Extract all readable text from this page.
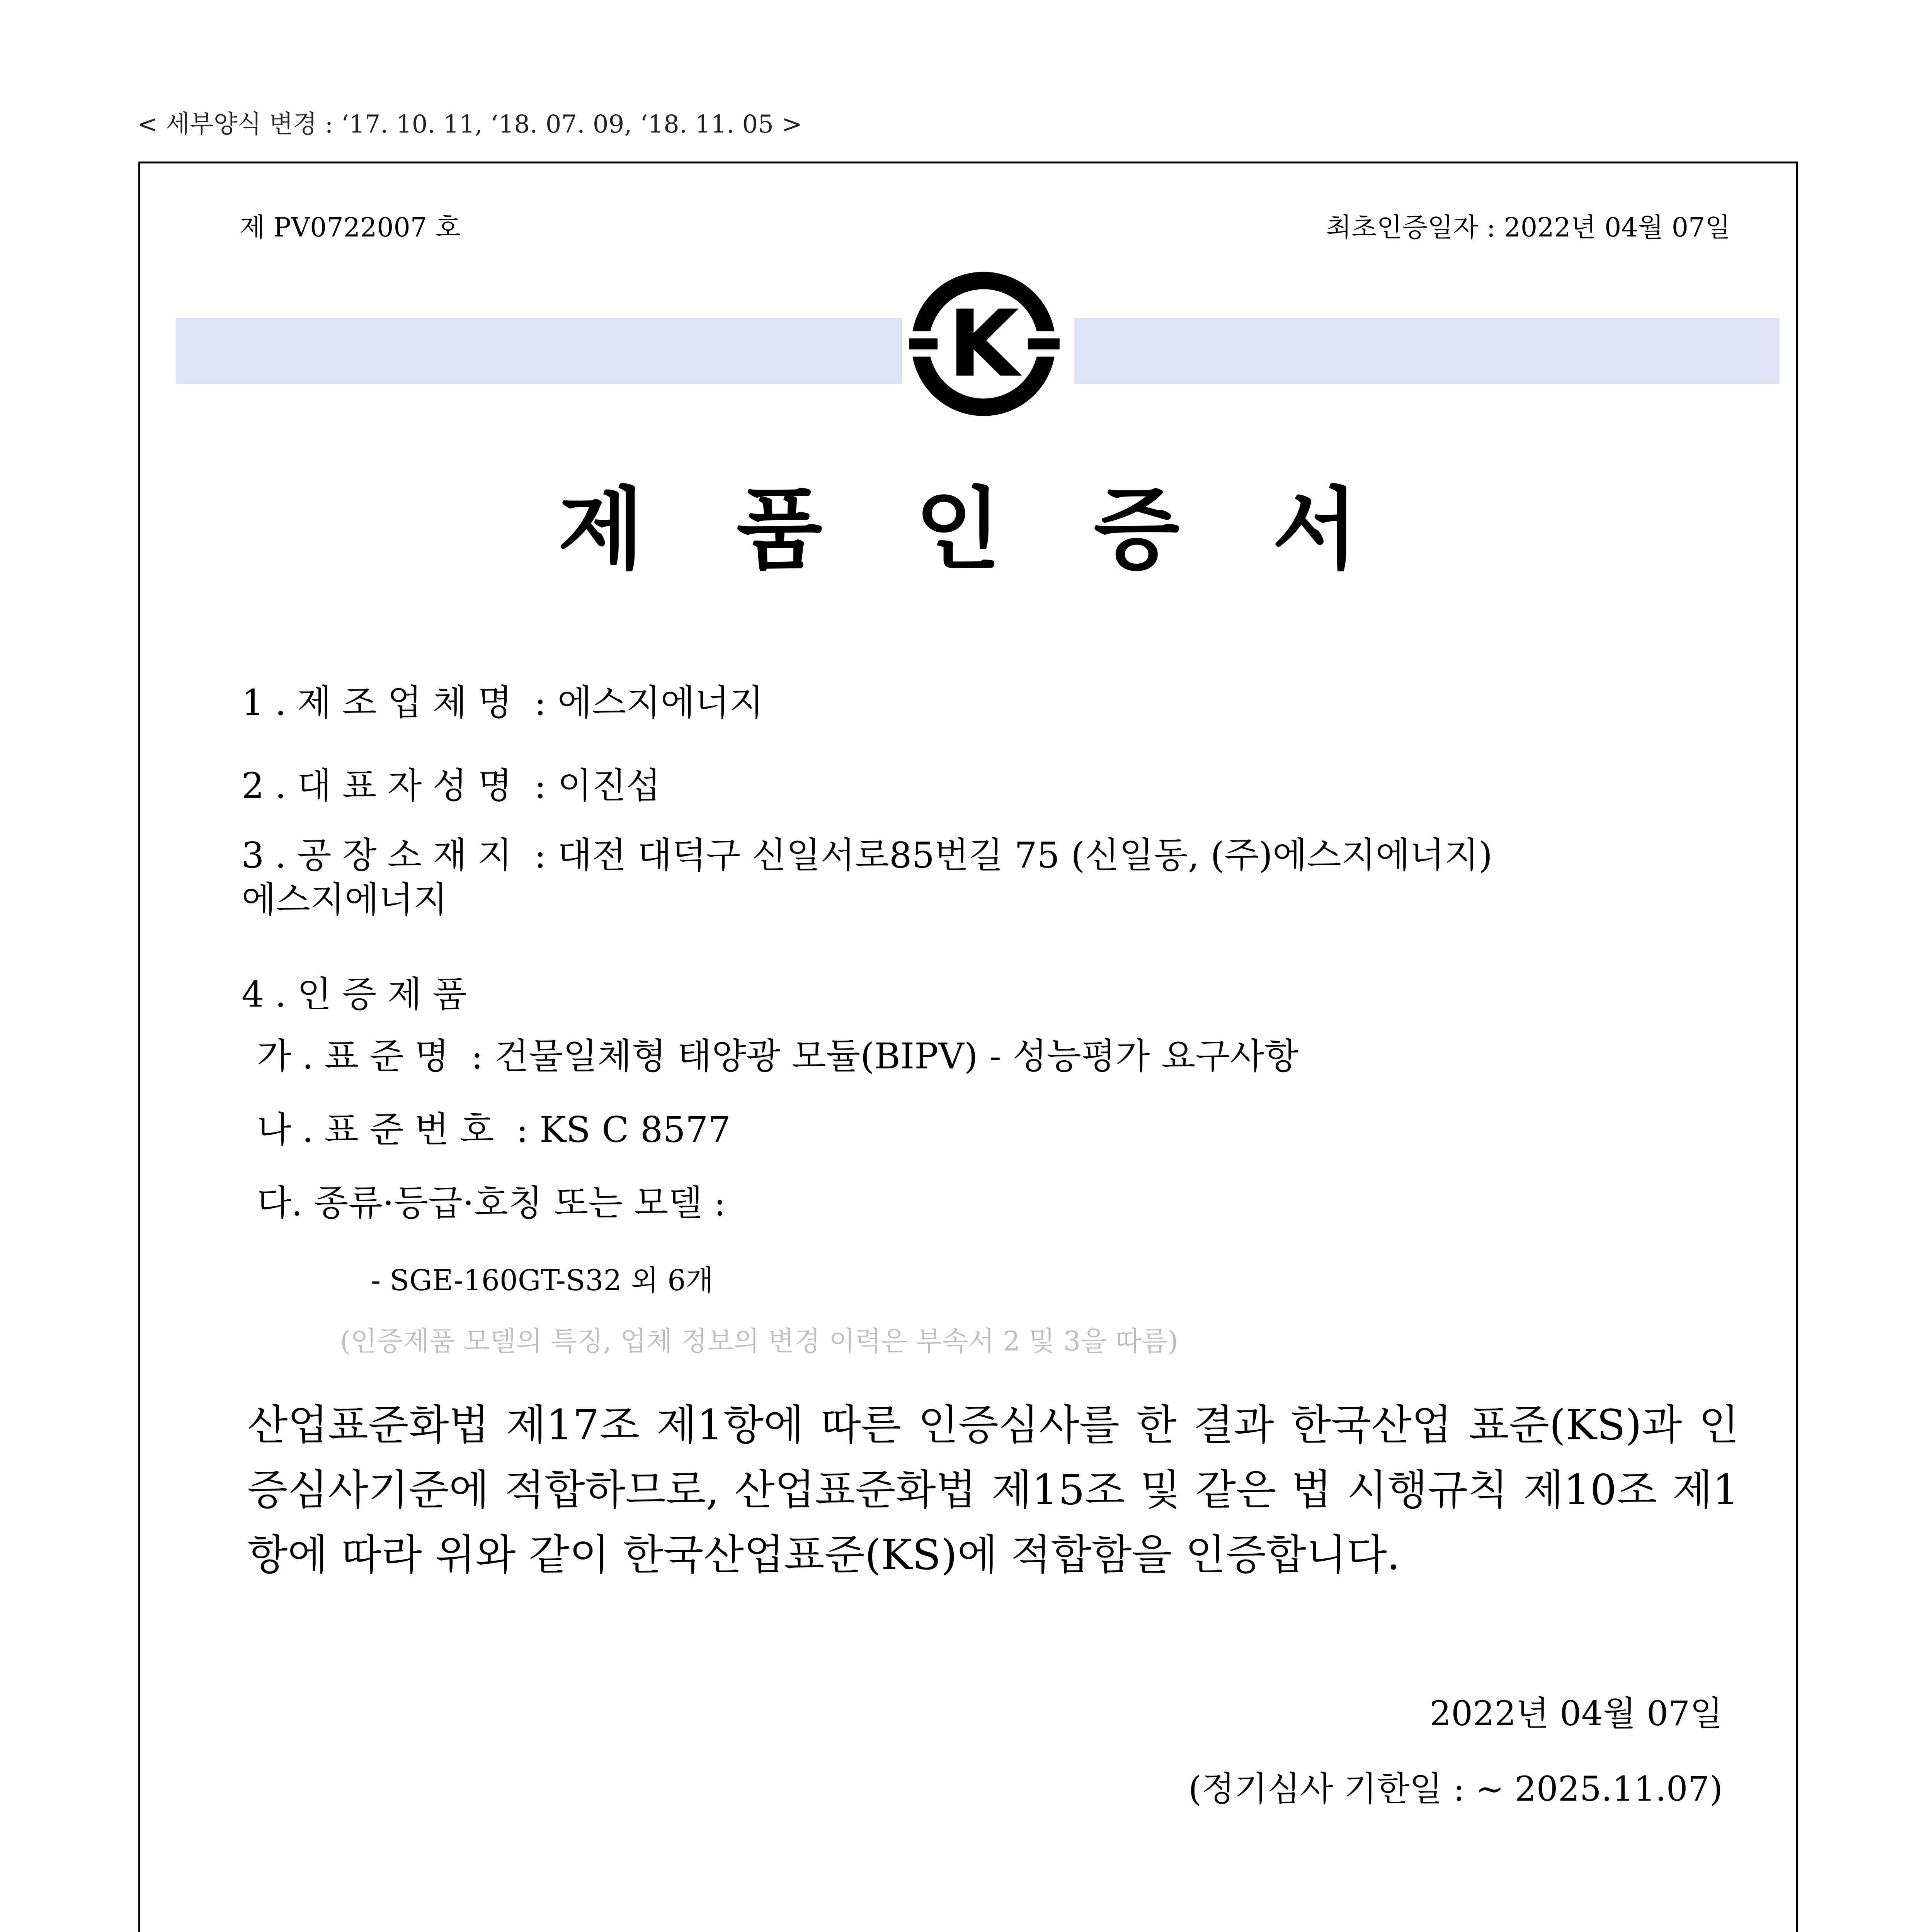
< 세부양식 변경 : ‘17. 10. 11, ‘18. 07. 09, ‘18. 11. 05 >
제 PV0722007 호	최초인증일자 : 2022년 04월 07일
K
제품인증서
1.제조업체명 : 에스지에너지
2.대표자성명 : 이진섭
3.공장소재지 : 대전 대덕구 신일서로85번길 75 (신일동, (주)에스지에너지)
에스지에너지
4.인증제품
가.표준명 : 건물일체형 태양광 모듈(BIPV) - 성능평가 요구사항
나.표준번호 : KS C 8577
다. 종류·등급·호칭 또는 모델 :
- SGE-160GT-S32 외 6개
(인증제품 모델의 특징, 업체 정보의 변경 이력은 부속서 2 및 3을 따름)
산업표준화법 제17조 제1항에 따른 인증심사를 한 결과 한국산업 표준(KS)과 인증심사기준에 적합하므로, 산업표준화법 제15조 및 같은 법 시행규칙 제10조 제1항에 따라 위와 같이 한국산업표준(KS)에 적합함을 인증합니다.
2022년 04월 07일
(정기심사 기한일 : ~ 2025.11.07)
